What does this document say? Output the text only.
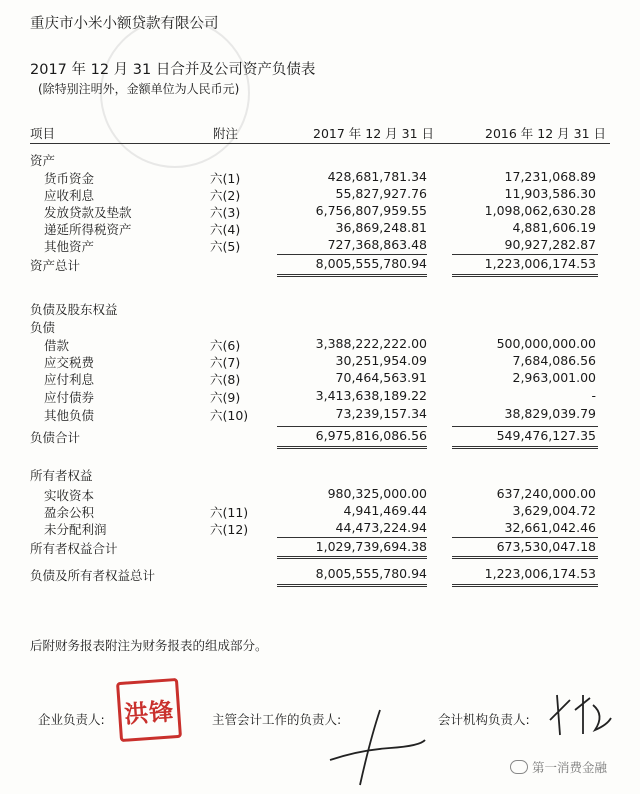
重庆市小米小额贷款有限公司
2017 年 12 月 31 日合并及公司资产负债表
(除特别注明外，金额单位为人民币元)
项目	附注	2017 年 12 月 31 日	2016 年 12 月 31 日
资产
货币资金	六(1)	428,681,781.34	17,231,068.89
应收利息	六(2)	55,827,927.76	11,903,586.30
发放贷款及垫款	六(3)	6,756,807,959.55	1,098,062,630.28
递延所得税资产	六(4)	36,869,248.81	4,881,606.19
其他资产	六(5)	727,368,863.48	90,927,282.87
资产总计	8,005,555,780.94	1,223,006,174.53
负债及股东权益
负债
借款	六(6)	3,388,222,222.00	500,000,000.00
应交税费	六(7)	30,251,954.09	7,684,086.56
应付利息	六(8)	70,464,563.91	2,963,001.00
应付债券	六(9)	3,413,638,189.22	-
其他负债	六(10)	73,239,157.34	38,829,039.79
负债合计	6,975,816,086.56	549,476,127.35
所有者权益
实收资本	980,325,000.00	637,240,000.00
盈余公积	六(11)	4,941,469.44	3,629,004.72
未分配利润	六(12)	44,473,224.94	32,661,042.46
所有者权益合计	1,029,739,694.38	673,530,047.18
负债及所有者权益总计	8,005,555,780.94	1,223,006,174.53
后附财务报表附注为财务报表的组成部分。
企业负责人: 洪锋	主管会计工作的负责人:	会计机构负责人:
第一消费金融
